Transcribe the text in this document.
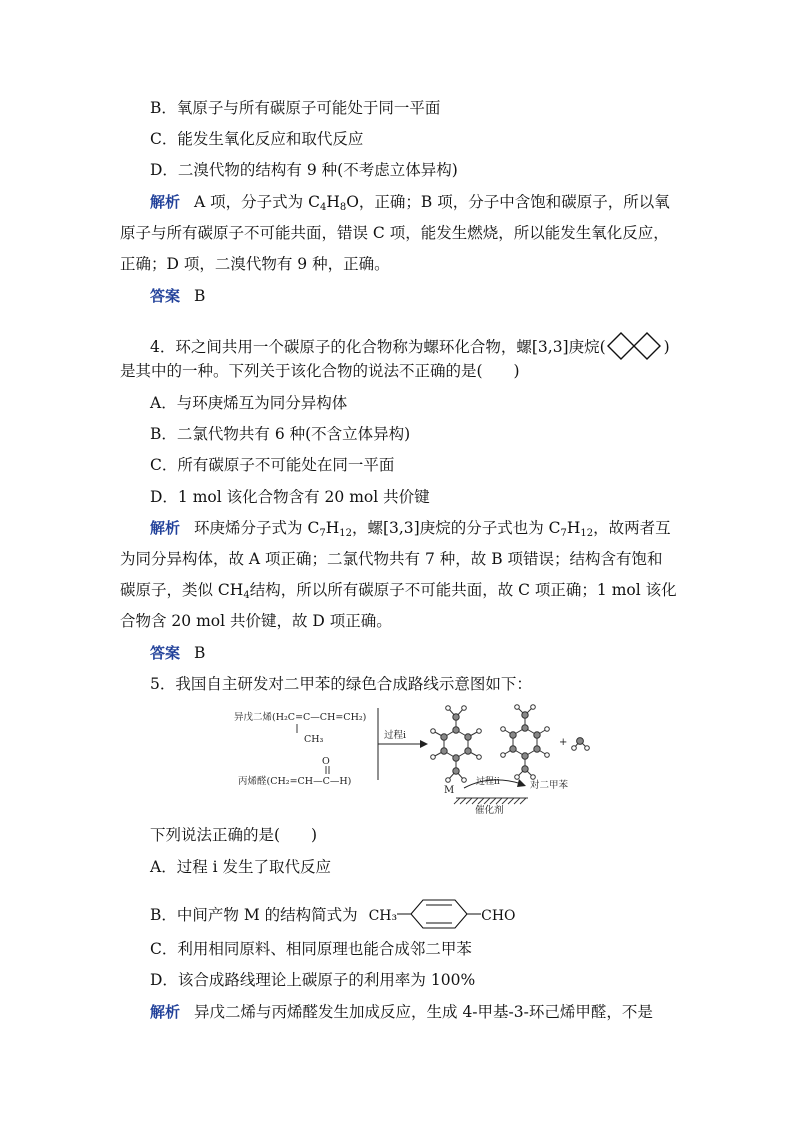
B．氧原子与所有碳原子可能处于同一平面
C．能发生氧化反应和取代反应
D．二溴代物的结构有 9 种(不考虑立体异构)
解析 A 项，分子式为 $C_4H_8O$，正确；B 项，分子中含饱和碳原子，所以氧
原子与所有碳原子不可能共面，错误 C 项，能发生燃烧，所以能发生氧化反应，
正确；D 项，二溴代物有 9 种，正确。
答案 B
4．环之间共用一个碳原子的化合物称为螺环化合物，螺[3,3]庚烷(	)
是其中的一种。下列关于该化合物的说法不正确的是(　　)
A．与环庚烯互为同分异构体
B．二氯代物共有 6 种(不含立体异构)
C．所有碳原子不可能处在同一平面
D．1 mol 该化合物含有 20 mol 共价键
解析 环庚烯分子式为 $C_7H_{12}$，螺[3,3]庚烷的分子式也为 $C_7H_{12}$，故两者互
为同分异构体，故 A 项正确；二氯代物共有 7 种，故 B 项错误；结构含有饱和
碳原子，类似 $CH_4$结构，所以所有碳原子不可能共面，故 C 项正确；1 mol 该化
合物含 20 mol 共价键，故 D 项正确。
答案 B
5．我国自主研发对二甲苯的绿色合成路线示意图如下：
异戊二烯(H₂C=C—CH=CH₂)
CH₃
O
丙烯醛(CH₂=CH—C—H)
过程i
+
M
过程ii	对二甲苯
催化剂
下列说法正确的是(　　)
A．过程 i 发生了取代反应
B．中间产物 M 的结构简式为 CH₃	CHO
C．利用相同原料、相同原理也能合成邻二甲苯
D．该合成路线理论上碳原子的利用率为 100%
解析 异戊二烯与丙烯醛发生加成反应，生成 4-甲基-3-环己烯甲醛，不是
